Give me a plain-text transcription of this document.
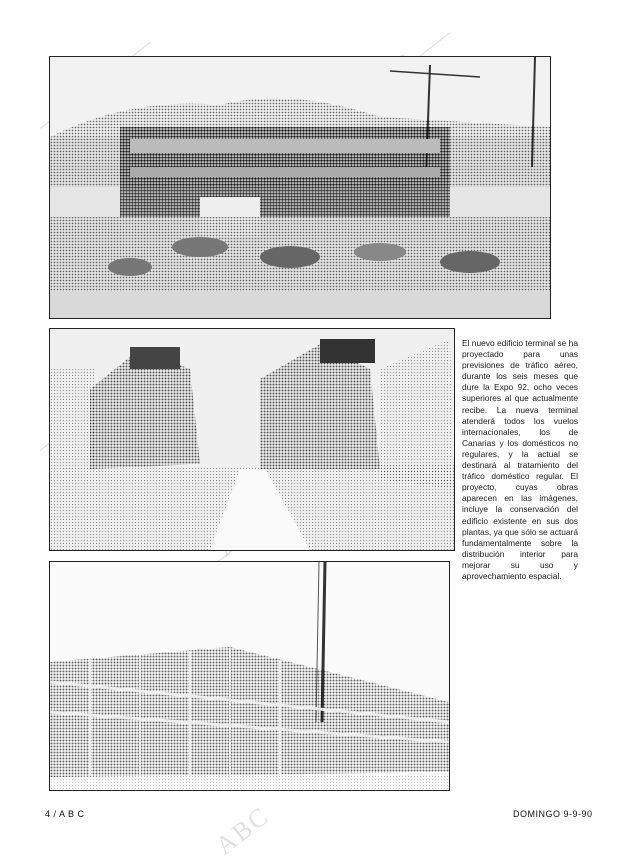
ABC
El nuevo edificio terminal se ha proyectado para unas previsiones de tráfico aéreo, durante los seis meses que dure la Expo 92, ocho veces superiores al que actualmente recibe. La nueva terminal atenderá todos los vuelos internacionales, los de Canarias y los domésticos no regulares, y la actual se destinará al tratamiento del tráfico doméstico regular. El proyecto, cuyas obras aparecen en las imágenes, incluye la conservación del edificio existente en sus dos plantas, ya que sólo se actuará fundamentalmente sobre la distribución interior para mejorar su uso y aprovechamiento espacial.
4 / A B C	DOMINGO 9-9-90
